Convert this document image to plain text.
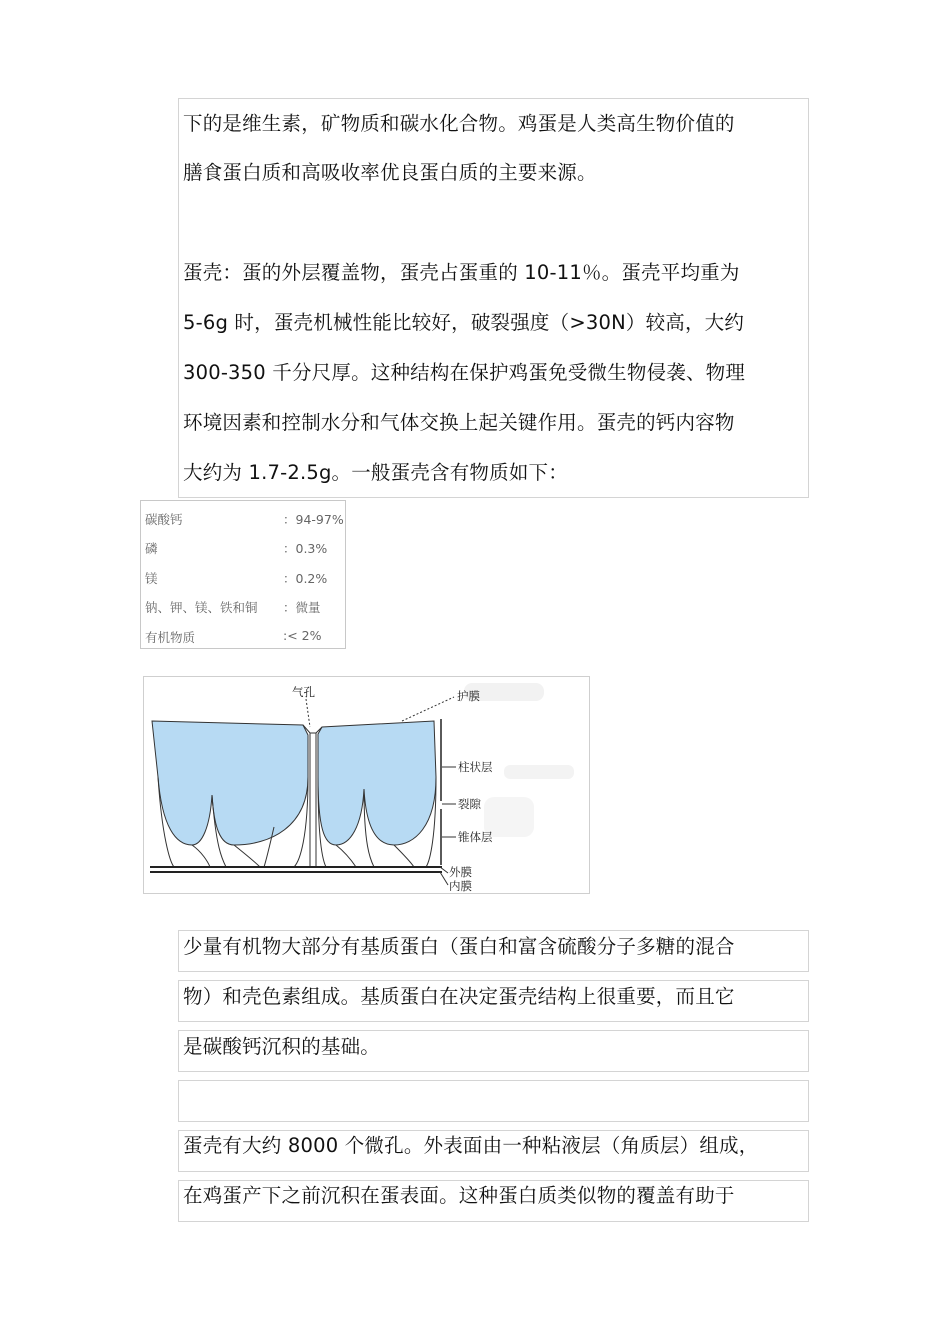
下的是维生素，矿物质和碳水化合物。鸡蛋是人类高生物价值的
膳食蛋白质和高吸收率优良蛋白质的主要来源。
蛋壳：蛋的外层覆盖物，蛋壳占蛋重的 10-11％。蛋壳平均重为
5-6g 时，蛋壳机械性能比较好，破裂强度（>30N）较高，大约
300-350 千分尺厚。这种结构在保护鸡蛋免受微生物侵袭、物理
环境因素和控制水分和气体交换上起关键作用。蛋壳的钙内容物
大约为 1.7-2.5g。一般蛋壳含有物质如下：
碳酸钙	：94-97%
磷	：0.3%
镁	：0.2%
钠、钾、镁、铁和铜 ：微量
有机物质	:< 2%
气孔	护膜
柱状层
裂隙
锥体层
外膜
内膜
少量有机物大部分有基质蛋白（蛋白和富含硫酸分子多糖的混合
物）和壳色素组成。基质蛋白在决定蛋壳结构上很重要，而且它
是碳酸钙沉积的基础。
蛋壳有大约 8000 个微孔。外表面由一种粘液层（角质层）组成，
在鸡蛋产下之前沉积在蛋表面。这种蛋白质类似物的覆盖有助于
